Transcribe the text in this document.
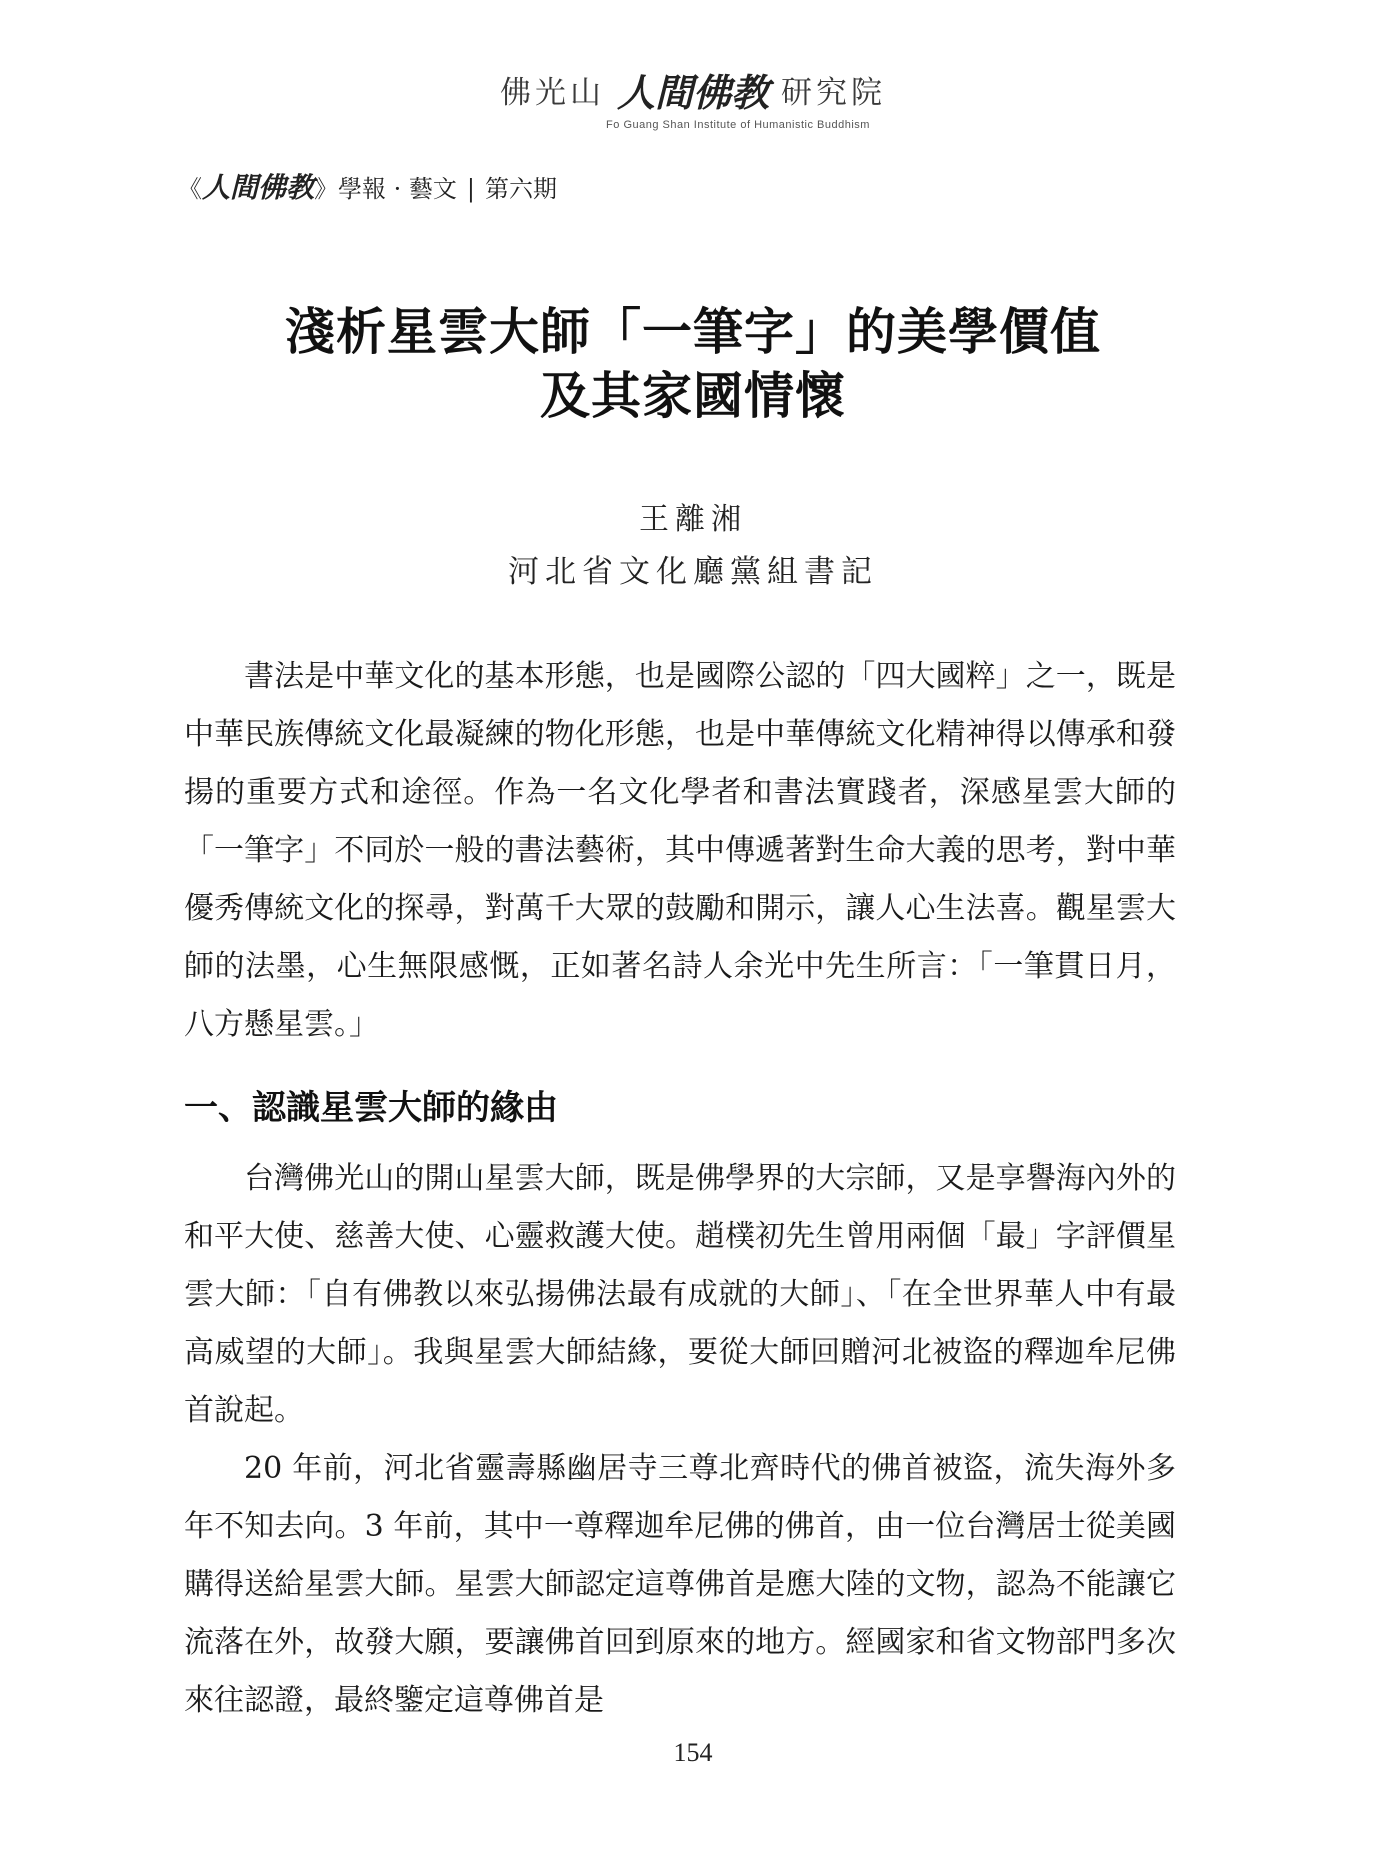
佛光山 人間佛教 研究院
Fo Guang Shan Institute of Humanistic Buddhism
《人間佛教》學報 · 藝文 | 第六期
淺析星雲大師「一筆字」的美學價值
及其家國情懷
王離湘
河北省文化廳黨組書記

書法是中華文化的基本形態，也是國際公認的「四大國粹」之一，既是中華民族傳統文化最凝練的物化形態，也是中華傳統文化精神得以傳承和發揚的重要方式和途徑。作為一名文化學者和書法實踐者，深感星雲大師的「一筆字」不同於一般的書法藝術，其中傳遞著對生命大義的思考，對中華優秀傳統文化的探尋，對萬千大眾的鼓勵和開示，讓人心生法喜。觀星雲大師的法墨，心生無限感慨，正如著名詩人余光中先生所言：「一筆貫日月，八方懸星雲。」

一、認識星雲大師的緣由

台灣佛光山的開山星雲大師，既是佛學界的大宗師，又是享譽海內外的和平大使、慈善大使、心靈救護大使。趙樸初先生曾用兩個「最」字評價星雲大師：「自有佛教以來弘揚佛法最有成就的大師」、「在全世界華人中有最高威望的大師」。我與星雲大師結緣，要從大師回贈河北被盜的釋迦牟尼佛首說起。

20 年前，河北省靈壽縣幽居寺三尊北齊時代的佛首被盜，流失海外多年不知去向。3 年前，其中一尊釋迦牟尼佛的佛首，由一位台灣居士從美國購得送給星雲大師。星雲大師認定這尊佛首是應大陸的文物，認為不能讓它流落在外，故發大願，要讓佛首回到原來的地方。經國家和省文物部門多次來往認證，最終鑒定這尊佛首是

154
